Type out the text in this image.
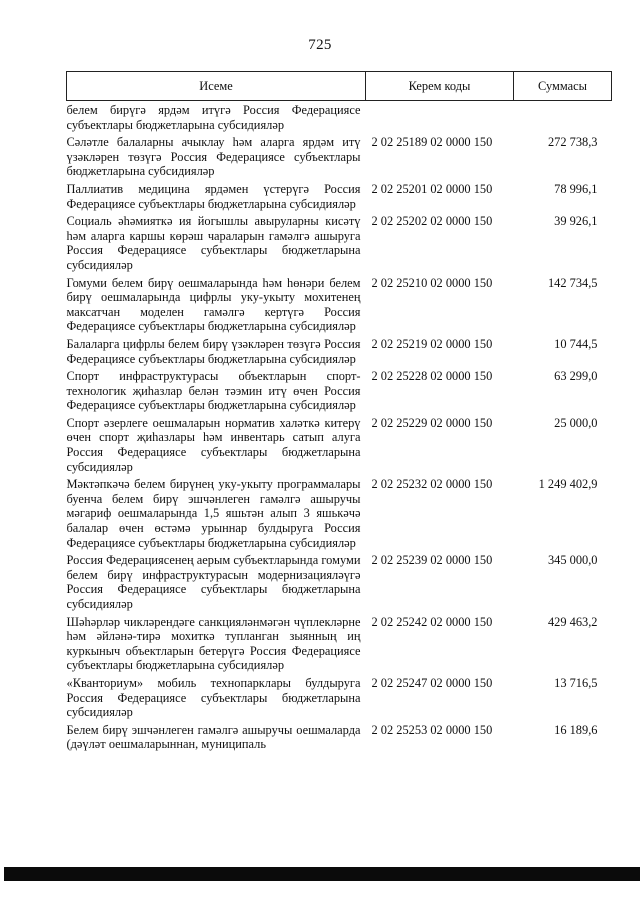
725
Исеме	Керем коды	Суммасы
белем бирүгә ярдәм итүгә Россия Федерациясе субъектлары бюджетларына субсидияләр		
Сәләтле балаларны ачыклау һәм аларга ярдәм итү үзәкләрен төзүгә Россия Федерациясе субъектлары бюджетларына субсидияләр	2 02 25189 02 0000 150	272 738,3
Паллиатив медицина ярдәмен үстерүгә Россия Федерациясе субъектлары бюджетларына субсидияләр	2 02 25201 02 0000 150	78 996,1
Социаль әһәмияткә ия йогышлы авыруларны кисәтү һәм аларга каршы көрәш чараларын гамәлгә ашыруга Россия Федерациясе субъектлары бюджетларына субсидияләр	2 02 25202 02 0000 150	39 926,1
Гомуми белем бирү оешмаларында һәм һөнәри белем бирү оешмаларында цифрлы уку-укыту мохитенең максатчан моделен гамәлгә кертүгә Россия Федерациясе субъектлары бюджетларына субсидияләр	2 02 25210 02 0000 150	142 734,5
Балаларга цифрлы белем бирү үзәкләрен төзүгә Россия Федерациясе субъектлары бюджетларына субсидияләр	2 02 25219 02 0000 150	10 744,5
Спорт инфраструктурасы объектларын спорт-технологик җиһазлар белән тәэмин итү өчен Россия Федерациясе субъектлары бюджетларына субсидияләр	2 02 25228 02 0000 150	63 299,0
Спорт әзерлеге оешмаларын норматив халәткә китерү өчен спорт җиһазлары һәм инвентарь сатып алуга Россия Федерациясе субъектлары бюджетларына субсидияләр	2 02 25229 02 0000 150	25 000,0
Мәктәпкәчә белем бирүнең уку-укыту программалары буенча белем бирү эшчәнлеген гамәлгә ашыручы мәгариф оешмаларында 1,5 яшьтән алып 3 яшькәчә балалар өчен өстәмә урыннар булдыруга Россия Федерациясе субъектлары бюджетларына субсидияләр	2 02 25232 02 0000 150	1 249 402,9
Россия Федерациясенең аерым субъектларында гомуми белем бирү инфраструктурасын модернизацияләүгә Россия Федерациясе субъектлары бюджетларына субсидияләр	2 02 25239 02 0000 150	345 000,0
Шәһәрләр чикләрендәге санкцияләнмәгән чүплекләрне һәм әйләнә-тирә мохиткә тупланган зыянның иң куркыныч объектларын бетерүгә Россия Федерациясе субъектлары бюджетларына субсидияләр	2 02 25242 02 0000 150	429 463,2
«Кванториум» мобиль технопарклары булдыруга Россия Федерациясе субъектлары бюджетларына субсидияләр	2 02 25247 02 0000 150	13 716,5
Белем бирү эшчәнлеген гамәлгә ашыручы оешмаларда (дәүләт оешмаларыннан, муниципаль	2 02 25253 02 0000 150	16 189,6
